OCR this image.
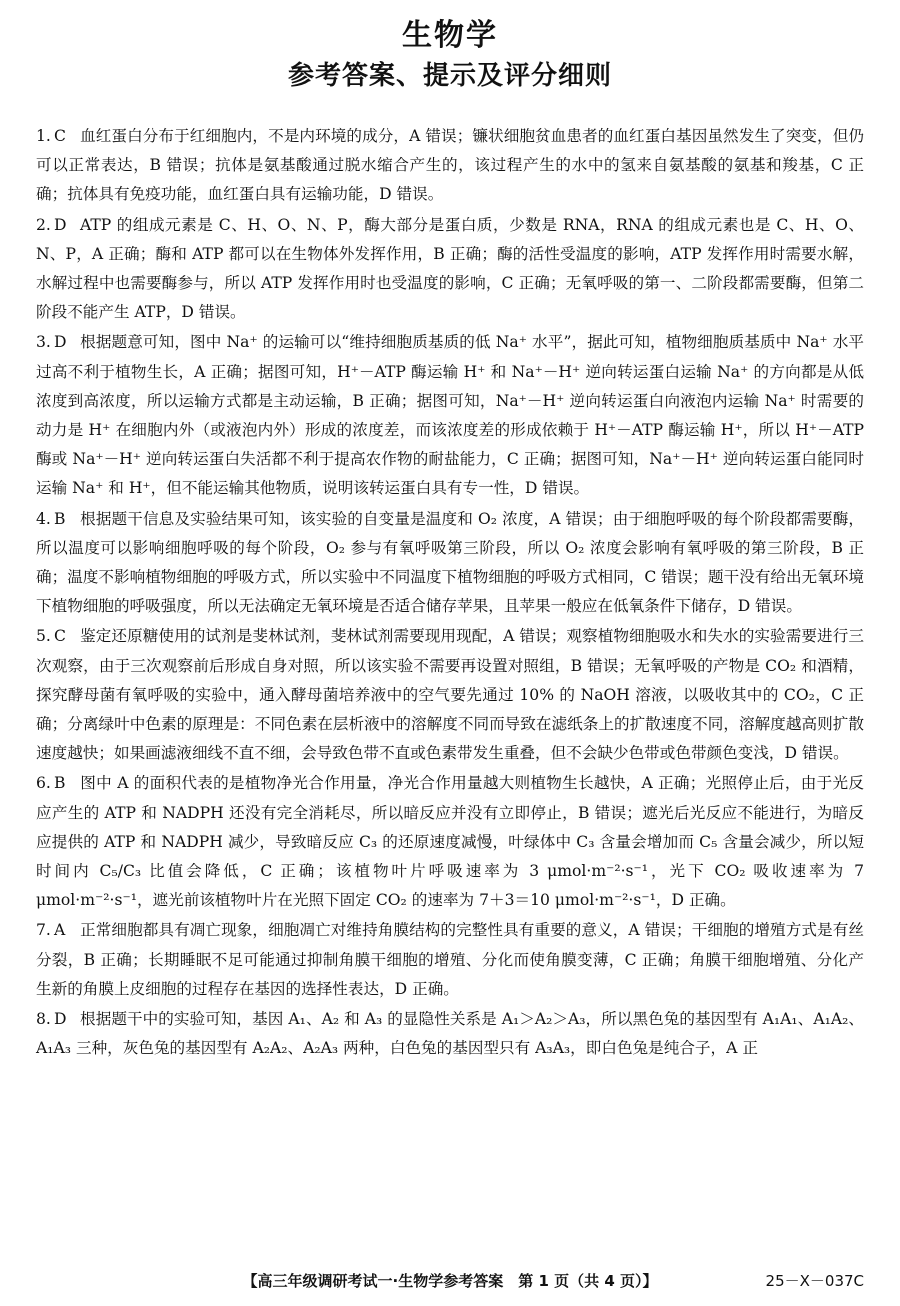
生物学
参考答案、提示及评分细则

1. C 血红蛋白分布于红细胞内，不是内环境的成分，A 错误；镰状细胞贫血患者的血红蛋白基因虽然发生了突变，但仍可以正常表达，B 错误；抗体是氨基酸通过脱水缩合产生的，该过程产生的水中的氢来自氨基酸的氨基和羧基，C 正确；抗体具有免疫功能，血红蛋白具有运输功能，D 错误。

2. D ATP 的组成元素是 C、H、O、N、P，酶大部分是蛋白质，少数是 RNA，RNA 的组成元素也是 C、H、O、N、P，A 正确；酶和 ATP 都可以在生物体外发挥作用，B 正确；酶的活性受温度的影响，ATP 发挥作用时需要水解，水解过程中也需要酶参与，所以 ATP 发挥作用时也受温度的影响，C 正确；无氧呼吸的第一、二阶段都需要酶，但第二阶段不能产生 ATP，D 错误。

3. D 根据题意可知，图中 Na⁺ 的运输可以“维持细胞质基质的低 Na⁺ 水平”，据此可知，植物细胞质基质中 Na⁺ 水平过高不利于植物生长，A 正确；据图可知，H⁺－ATP 酶运输 H⁺ 和 Na⁺－H⁺ 逆向转运蛋白运输 Na⁺ 的方向都是从低浓度到高浓度，所以运输方式都是主动运输，B 正确；据图可知，Na⁺－H⁺ 逆向转运蛋白向液泡内运输 Na⁺ 时需要的动力是 H⁺ 在细胞内外（或液泡内外）形成的浓度差，而该浓度差的形成依赖于 H⁺－ATP 酶运输 H⁺，所以 H⁺－ATP 酶或 Na⁺－H⁺ 逆向转运蛋白失活都不利于提高农作物的耐盐能力，C 正确；据图可知，Na⁺－H⁺ 逆向转运蛋白能同时运输 Na⁺ 和 H⁺，但不能运输其他物质，说明该转运蛋白具有专一性，D 错误。

4. B 根据题干信息及实验结果可知，该实验的自变量是温度和 O₂ 浓度，A 错误；由于细胞呼吸的每个阶段都需要酶，所以温度可以影响细胞呼吸的每个阶段，O₂ 参与有氧呼吸第三阶段，所以 O₂ 浓度会影响有氧呼吸的第三阶段，B 正确；温度不影响植物细胞的呼吸方式，所以实验中不同温度下植物细胞的呼吸方式相同，C 错误；题干没有给出无氧环境下植物细胞的呼吸强度，所以无法确定无氧环境是否适合储存苹果，且苹果一般应在低氧条件下储存，D 错误。

5. C 鉴定还原糖使用的试剂是斐林试剂，斐林试剂需要现用现配，A 错误；观察植物细胞吸水和失水的实验需要进行三次观察，由于三次观察前后形成自身对照，所以该实验不需要再设置对照组，B 错误；无氧呼吸的产物是 CO₂ 和酒精，探究酵母菌有氧呼吸的实验中，通入酵母菌培养液中的空气要先通过 10% 的 NaOH 溶液，以吸收其中的 CO₂，C 正确；分离绿叶中色素的原理是：不同色素在层析液中的溶解度不同而导致在滤纸条上的扩散速度不同，溶解度越高则扩散速度越快；如果画滤液细线不直不细，会导致色带不直或色素带发生重叠，但不会缺少色带或色带颜色变浅，D 错误。

6. B 图中 A 的面积代表的是植物净光合作用量，净光合作用量越大则植物生长越快，A 正确；光照停止后，由于光反应产生的 ATP 和 NADPH 还没有完全消耗尽，所以暗反应并没有立即停止，B 错误；遮光后光反应不能进行，为暗反应提供的 ATP 和 NADPH 减少，导致暗反应 C₃ 的还原速度减慢，叶绿体中 C₃ 含量会增加而 C₅ 含量会减少，所以短时间内 C₅/C₃ 比值会降低，C 正确；该植物叶片呼吸速率为 3 μmol·m⁻²·s⁻¹，光下 CO₂ 吸收速率为 7 μmol·m⁻²·s⁻¹，遮光前该植物叶片在光照下固定 CO₂ 的速率为 7＋3＝10 μmol·m⁻²·s⁻¹，D 正确。

7. A 正常细胞都具有凋亡现象，细胞凋亡对维持角膜结构的完整性具有重要的意义，A 错误；干细胞的增殖方式是有丝分裂，B 正确；长期睡眠不足可能通过抑制角膜干细胞的增殖、分化而使角膜变薄，C 正确；角膜干细胞增殖、分化产生新的角膜上皮细胞的过程存在基因的选择性表达，D 正确。

8. D 根据题干中的实验可知，基因 A₁、A₂ 和 A₃ 的显隐性关系是 A₁＞A₂＞A₃，所以黑色兔的基因型有 A₁A₁、A₁A₂、A₁A₃ 三种，灰色兔的基因型有 A₂A₂、A₂A₃ 两种，白色兔的基因型只有 A₃A₃，即白色兔是纯合子，A 正

【高三年级调研考试一·生物学参考答案　第 1 页（共 4 页）】	25－X－037C
